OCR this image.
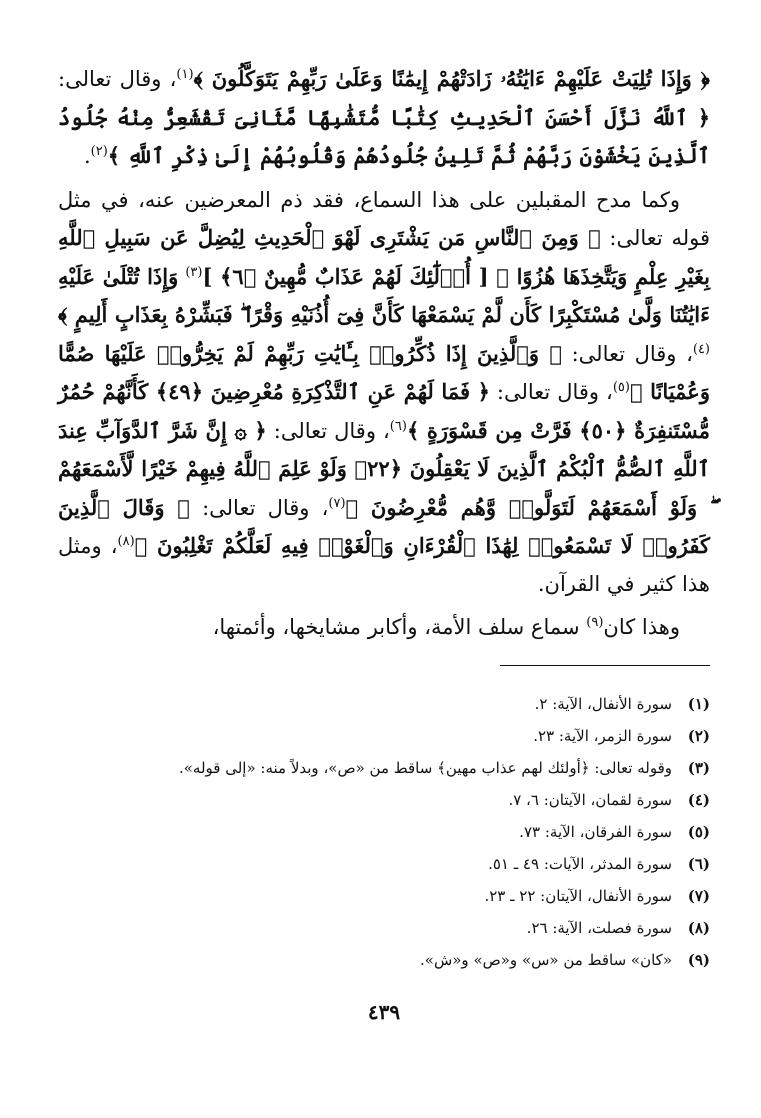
﴿ وَإِذَا تُلِيَتْ عَلَيْهِمْ ءَايَٰتُهُۥ زَادَتْهُمْ إِيمَٰنًا وَعَلَىٰ رَبِّهِمْ يَتَوَكَّلُونَ ﴾$^{(١)}$، وقال تعالى: ﴿ ٱللَّهُ نَزَّلَ أَحْسَنَ ٱلْحَدِيثِ كِتَٰبًا مُّتَشَٰبِهًا مَّثَانِىَ تَقْشَعِرُّ مِنْهُ جُلُودُ ٱلَّذِينَ يَخْشَوْنَ رَبَّهُمْ ثُمَّ تَلِينُ جُلُودُهُمْ وَقُلُوبُهُمْ إِلَىٰ ذِكْرِ ٱللَّهِ ﴾$^{(٢)}$.

وكما مدح المقبلين على هذا السماع، فقد ذم المعرضين عنه، في مثل قوله تعالى: ﴿ وَمِنَ ٱلنَّاسِ مَن يَشْتَرِى لَهْوَ ٱلْحَدِيثِ لِيُضِلَّ عَن سَبِيلِ ٱللَّهِ بِغَيْرِ عِلْمٍ وَيَتَّخِذَهَا هُزُوًا ۚ [ أُو۟لَٰٓئِكَ لَهُمْ عَذَابٌ مُّهِينٌ ﴿٦﴾ ]$^{(٣)}$ وَإِذَا تُتْلَىٰ عَلَيْهِ ءَايَٰتُنَا وَلَّىٰ مُسْتَكْبِرًا كَأَن لَّمْ يَسْمَعْهَا كَأَنَّ فِىٓ أُذُنَيْهِ وَقْرًا ۖ فَبَشِّرْهُ بِعَذَابٍ أَلِيمٍ ﴾$^{(٤)}$، وقال تعالى: ﴿ وَٱلَّذِينَ إِذَا ذُكِّرُوا۟ بِـَٔايَٰتِ رَبِّهِمْ لَمْ يَخِرُّوا۟ عَلَيْهَا صُمًّا وَعُمْيَانًا ﴾$^{(٥)}$، وقال تعالى: ﴿ فَمَا لَهُمْ عَنِ ٱلتَّذْكِرَةِ مُعْرِضِينَ ﴿٤٩﴾ كَأَنَّهُمْ حُمُرٌ مُّسْتَنفِرَةٌ ﴿٥٠﴾ فَرَّتْ مِن قَسْوَرَةٍ ﴾$^{(٦)}$، وقال تعالى: ﴿ ۞ إِنَّ شَرَّ ٱلدَّوَآبِّ عِندَ ٱللَّهِ ٱلصُّمُّ ٱلْبُكْمُ ٱلَّذِينَ لَا يَعْقِلُونَ ﴿٢٢﴾ وَلَوْ عَلِمَ ٱللَّهُ فِيهِمْ خَيْرًا لَّأَسْمَعَهُمْ ۖ وَلَوْ أَسْمَعَهُمْ لَتَوَلَّوا۟ وَّهُم مُّعْرِضُونَ ﴾$^{(٧)}$، وقال تعالى: ﴿ وَقَالَ ٱلَّذِينَ كَفَرُوا۟ لَا تَسْمَعُوا۟ لِهَٰذَا ٱلْقُرْءَانِ وَٱلْغَوْا۟ فِيهِ لَعَلَّكُمْ تَغْلِبُونَ ﴾$^{(٨)}$، ومثل هذا كثير في القرآن.

وهذا كان$^{(٩)}$ سماع سلف الأمة، وأكابر مشايخها، وأئمتها،

(١)سورة الأنفال، الآية: ٢.
(٢)سورة الزمر، الآية: ٢٣.
(٣)وقوله تعالى: ﴿أولئك لهم عذاب مهين﴾ ساقط من «ص»، وبدلاً منه: «إلى قوله».
(٤)سورة لقمان، الآيتان: ٦، ٧.
(٥)سورة الفرقان، الآية: ٧٣.
(٦)سورة المدثر، الآيات: ٤٩ ـ ٥١.
(٧)سورة الأنفال، الآيتان: ٢٢ ـ ٢٣.
(٨)سورة فصلت، الآية: ٢٦.
(٩)«كان» ساقط من «س» و«ص» و«ش».
٤٣٩
